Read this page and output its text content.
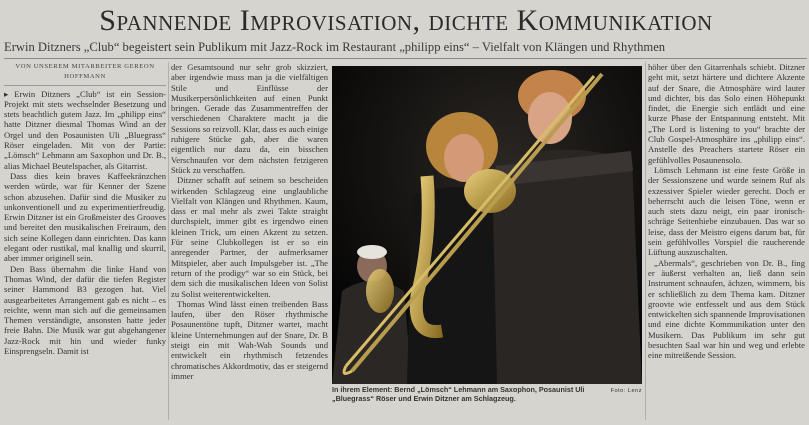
Spannende Improvisation, dichte Kommunikation
Erwin Ditzners „Club“ begeistert sein Publikum mit Jazz-Rock im Restaurant „philipp eins“ – Vielfalt von Klängen und Rhythmen
VON UNSEREM MITARBEITER GEREON HOFFMANN

▸ Erwin Ditzners „Club“ ist ein Session-Projekt mit stets wechselnder Besetzung und stets beachtlich gutem Jazz. Im „philipp eins“ hatte Ditzner diesmal Thomas Wind an der Orgel und den Posaunisten Uli „Bluegrass“ Röser eingeladen. Mit von der Partie: „Lömsch“ Lehmann am Saxophon und Dr. B., alias Michael Beutelspacher, als Gitarrist.

Dass dies kein braves Kaffeekränzchen werden würde, war für Kenner der Szene schon abzusehen. Dafür sind die Musiker zu unkonventionell und zu experimentierfreudig. Erwin Ditzner ist ein Großmeister des Grooves und bereitet den musikalischen Freiraum, den sich seine Kollegen dann einrichten. Das kann elegant oder rustikal, mal knallig und skurril, aber immer originell sein.

Den Bass übernahm die linke Hand von Thomas Wind, der dafür die tiefen Register seiner Hammond B3 gezogen hat. Viel ausgearbeitetes Arrangement gab es nicht – es reichte, wenn man sich auf die gemeinsamen Themen verständigte, ansonsten hatte jeder freie Bahn. Die Musik war gut abgehangener Jazz-Rock mit hin und wieder funky Einsprengseln. Damit ist

der Gesamtsound nur sehr grob skizziert, aber irgendwie muss man ja die vielfältigen Stile und Einflüsse der Musikerpersönlichkeiten auf einen Punkt bringen. Gerade das Zusammentreffen der verschiedenen Charaktere macht ja die Sessions so reizvoll. Klar, dass es auch einige ruhigere Stücke gab, aber die waren eigentlich nur dazu da, ein bisschen Verschnaufen vor dem nächsten fetzigeren Stück zu verschaffen.

Ditzner schafft auf seinem so bescheiden wirkenden Schlagzeug eine unglaubliche Vielfalt von Klängen und Rhythmen. Kaum, dass er mal mehr als zwei Takte straight durchspielt, immer gibt es irgendwo einen kleinen Trick, um einen Akzent zu setzen. Für seine Clubkollegen ist er so ein anregender Partner, der aufmerksamer Mitspieler, aber auch Impulsgeber ist. „The return of the prodigy“ war so ein Stück, bei dem sich die musikalischen Ideen von Solist zu Solist weiterentwickelten.

Thomas Wind lässt einen treibenden Bass laufen, über den Röser rhythmische Posaunentöne tupft, Ditzner wartet, macht kleine Unternehmungen auf der Snare, Dr. B steigt ein mit Wah-Wah Sounds und entwickelt ein rhythmisch fetzendes chromatisches Akkordmotiv, das er steigernd immer

Foto: Lenz
In ihrem Element: Bernd „Lömsch“ Lehmann am Saxophon, Posaunist Uli „Bluegrass“ Röser und Erwin Ditzner am Schlagzeug.

höher über den Gitarrenhals schiebt. Ditzner geht mit, setzt härtere und dichtere Akzente auf der Snare, die Atmosphäre wird lauter und dichter, bis das Solo einen Höhepunkt findet, die Energie sich entlädt und eine kurze Phase der Entspannung entsteht. Mit „The Lord is listening to you“ brachte der Club Gospel-Atmosphäre ins „philipp eins“. Anstelle des Preachers startete Röser ein gefühlvolles Posaunensolo.

Lömsch Lehmann ist eine feste Größe in der Sessionszene und wurde seinem Ruf als exzessiver Spieler wieder gerecht. Doch er beherrscht auch die leisen Töne, wenn er auch stets dazu neigt, ein paar ironisch-schräge Seitenhiebe einzubauen. Das war so leise, dass der Meistro eigens darum bat, für sein gefühlvolles Vorspiel die raucherende Lüftung auszuschalten.

„Abermals“, geschrieben von Dr. B., fing er äußerst verhalten an, ließ dann sein Instrument schnaufen, ächzen, wimmern, bis er schließlich zu dem Thema kam. Ditzner groovte wie entfesselt und aus dem Stück entwickelten sich spannende Improvisationen und eine dichte Kommunikation unter den Musikern. Das Publikum im sehr gut besuchten Saal war hin und weg und erlebte eine mitreißende Session.
